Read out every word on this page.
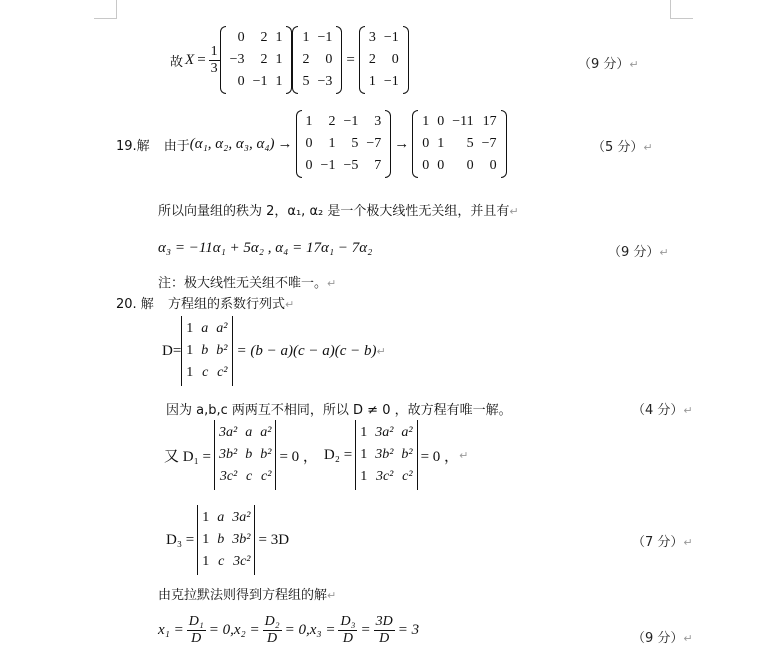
故 $X = \frac{1}{3}$
0	2	1
−3	2	1
0	−1	1
1	−1
2	0
5	−3
=
3	−1
2	0
1	−1
（9 分）↵
19.解 由于 (α₁, α₂, α₃, α₄) →
1	2	−1	3
0	1	5	−7
0	−1	−5	7
→
1	0	−11	17
0	1	5	−7
0	0	0	0
（5 分）↵
所以向量组的秩为 2，α₁, α₂ 是一个极大线性无关组，并且有↵
α₃ = −11α₁ + 5α₂ , α₄ = 17α₁ − 7α₂	（9 分）↵
注：极大线性无关组不唯一。↵
20. 解 方程组的系数行列式↵
D=
1	a	a²
1	b	b²
1	c	c²
= (b − a)(c − a)(c − b) ↵
因为 a,b,c 两两互不相同，所以 D ≠ 0 ，故方程有唯一解。	（4 分）↵
又 D₁ =
3a²	a	a²
3b²	b	b²
3c²	c	c²
= 0 ， D₂ =
1	3a²	a²
1	3b²	b²
1	3c²	c²
= 0 ， ↵
D₃ =
1	a	3a²
1	b	3b²
1	c	3c²
= 3D	（7 分）↵
由克拉默法则得到方程组的解↵
$x_1 = \frac{\text{D₁}}{D} = 0$, $x_2 = \frac{\text{D₂}}{D} = 0$, $x_3 = \frac{\text{D₃}}{D} = \frac{3D}{D} = 3$
（9 分）↵
